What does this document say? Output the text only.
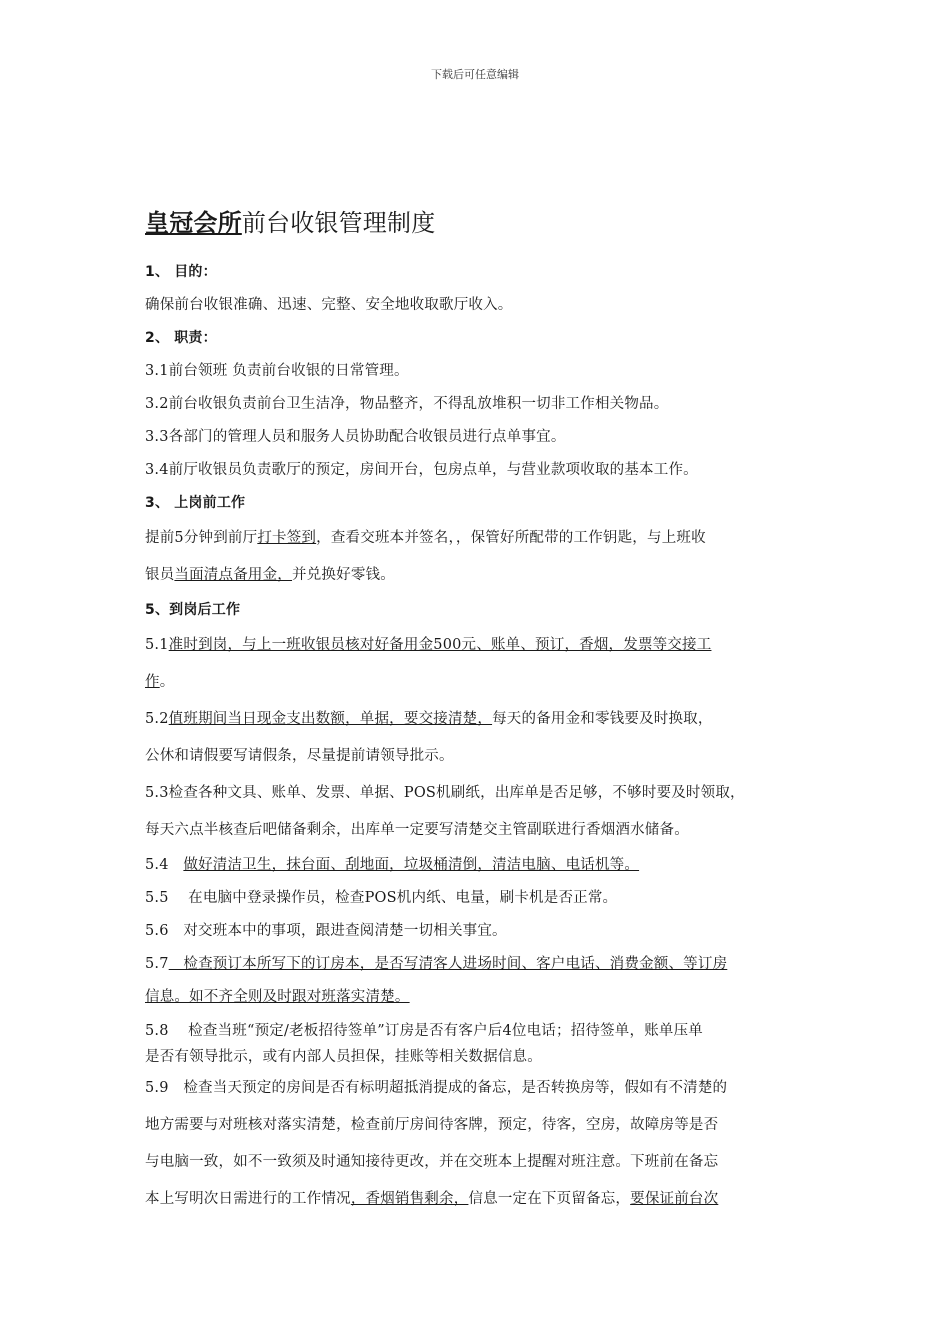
下载后可任意编辑
皇冠会所前台收银管理制度

1、 目的：

确保前台收银准确、迅速、完整、安全地收取歌厅收入。

2、 职责：

3.1前台领班 负责前台收银的日常管理。

3.2前台收银负责前台卫生洁净，物品整齐，不得乱放堆积一切非工作相关物品。

3.3各部门的管理人员和服务人员协助配合收银员进行点单事宜。

3.4前厅收银员负责歌厅的预定，房间开台，包房点单，与营业款项收取的基本工作。

3、 上岗前工作

提前5分钟到前厅打卡签到，查看交班本并签名，，保管好所配带的工作钥匙，与上班收

银员当面清点备用金，并兑换好零钱。

5、到岗后工作

5.1准时到岗，与上一班收银员核对好备用金500元、账单、预订，香烟，发票等交接工

作。

5.2值班期间当日现金支出数额，单据，要交接清楚，每天的备用金和零钱要及时换取，

公休和请假要写请假条，尽量提前请领导批示。

5.3检查各种文具、账单、发票、单据、POS机刷纸，出库单是否足够，不够时要及时领取，

每天六点半核查后吧储备剩余，出库单一定要写清楚交主管副联进行香烟酒水储备。

5.4　做好清洁卫生，抹台面、刮地面，垃圾桶清倒，清洁电脑、电话机等。

5.5　 在电脑中登录操作员，检查POS机内纸、电量，刷卡机是否正常。

5.6　对交班本中的事项，跟进查阅清楚一切相关事宜。

5.7　检查预订本所写下的订房本，是否写清客人进场时间、客户电话、消费金额、等订房

信息。如不齐全则及时跟对班落实清楚。

5.8　 检查当班“预定/老板招待签单”订房是否有客户后4位电话；招待签单，账单压单

是否有领导批示，或有内部人员担保，挂账等相关数据信息。

5.9　检查当天预定的房间是否有标明超抵消提成的备忘，是否转换房等，假如有不清楚的

地方需要与对班核对落实清楚，检查前厅房间待客牌，预定，待客，空房，故障房等是否

与电脑一致，如不一致须及时通知接待更改，并在交班本上提醒对班注意。下班前在备忘

本上写明次日需进行的工作情况，香烟销售剩余，信息一定在下页留备忘，要保证前台次
